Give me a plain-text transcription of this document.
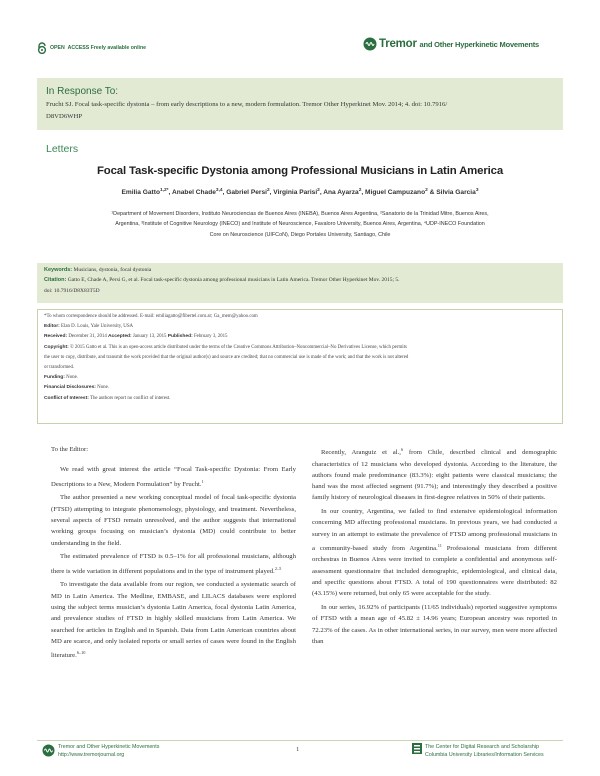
OPEN  ACCESS Freely available online	Tremor and Other Hyperkinetic Movements
In Response To:
Frucht SJ. Focal task-specific dystonia – from early descriptions to a new, modern formulation. Tremor Other Hyperkinet Mov. 2014; 4. doi: 10.7916/
D8VD6WHP
Letters
Focal Task-specific Dystonia among Professional Musicians in Latin America
Emilia Gatto$^{1,2*}$, Anabel Chade$^{3,4}$, Gabriel Persi$^2$, Virginia Parisi$^2$, Ana Ayarza$^2$, Miguel Campuzano$^2$ & Silvia Garcia$^3$
¹Department of Movement Disorders, Instituto Neurociencias de Buenos Aires (INEBA), Buenos Aires Argentina, ²Sanatorio de la Trinidad Mitre, Buenos Aires,
Argentina, ³Institute of Cognitive Neurology (INECO) and Institute of Neuroscience, Favaloro University, Buenos Aires, Argentina, ⁴UDP-INECO Foundation
Core on Neuroscience (UIFCoN), Diego Portales University, Santiago, Chile
Keywords: Musicians, dystonia, focal dystonia
Citation: Gatto E, Chade A, Persi G, et al. Focal task-specific dystonia among professional musicians in Latin America. Tremor Other Hyperkinet Mov. 2015; 5.
doi: 10.7916/D8X83T5D
*To whom correspondence should be addressed. E-mail: emiliagatto@fibertel.com.ar; Ga_mem@yahoo.com
Editor: Elan D. Louis, Yale University, USA
Received: December 31, 2014 Accepted: January 13, 2015 Published: February 3, 2015
Copyright: © 2015 Gatto et al. This is an open-access article distributed under the terms of the Creative Commons Attribution–Noncommercial–No Derivatives License, which permits
the user to copy, distribute, and transmit the work provided that the original author(s) and source are credited; that no commercial use is made of the work; and that the work is not altered
or transformed.
Funding: None.
Financial Disclosures: None.
Conflict of Interest: The authors report no conflict of interest.

To the Editor:

We read with great interest the article “Focal Task-specific Dystonia: From Early Descriptions to a New, Modern Formulation” by Frucht.$^1$

The author presented a new working conceptual model of focal task-specific dystonia (FTSD) attempting to integrate phenomenology, physiology, and treatment. Nevertheless, several aspects of FTSD remain unresolved, and the author suggests that international working groups focusing on musician’s dystonia (MD) could contribute to better understanding in the field.

The estimated prevalence of FTSD is 0.5–1% for all professional musicians, although there is wide variation in different populations and in the type of instrument played.$^{2-5}$

To investigate the data available from our region, we conducted a systematic search of MD in Latin America. The Medline, EMBASE, and LILACS databases were explored using the subject terms musician’s dystonia Latin America, focal dystonia Latin America, and prevalence studies of FTSD in highly skilled musicians from Latin America. We searched for articles in English and in Spanish. Data from Latin American countries about MD are scarce, and only isolated reports or small series of cases were found in the English literature.$^{6-10}$

Recently, Aranguiz et al.,$^6$ from Chile, described clinical and demographic characteristics of 12 musicians who developed dystonia. According to the literature, the authors found male predominance (83.3%): eight patients were classical musicians; the hand was the most affected segment (91.7%); and interestingly they described a positive family history of neurological diseases in first-degree relatives in 50% of their patients.

In our country, Argentina, we failed to find extensive epidemiological information concerning MD affecting professional musicians. In previous years, we had conducted a survey in an attempt to estimate the prevalence of FTSD among professional musicians in a community-based study from Argentina.$^{11}$ Professional musicians from different orchestras in Buenos Aires were invited to complete a confidential and anonymous self-assessment questionnaire that included demographic, epidemiological, and clinical data, and specific questions about FTSD. A total of 190 questionnaires were distributed: 82 (43.15%) were returned, but only 65 were acceptable for the study.

In our series, 16.92% of participants (11/65 individuals) reported suggestive symptoms of FTSD with a mean age of 45.82 ± 14.96 years; European ancestry was reported in 72.23% of the cases. As in other international series, in our survey, men were more affected than

Tremor and Other Hyperkinetic Movements
http://www.tremorjournal.org
1	The Center for Digital Research and Scholarship
Columbia University Libraries/Information Services
